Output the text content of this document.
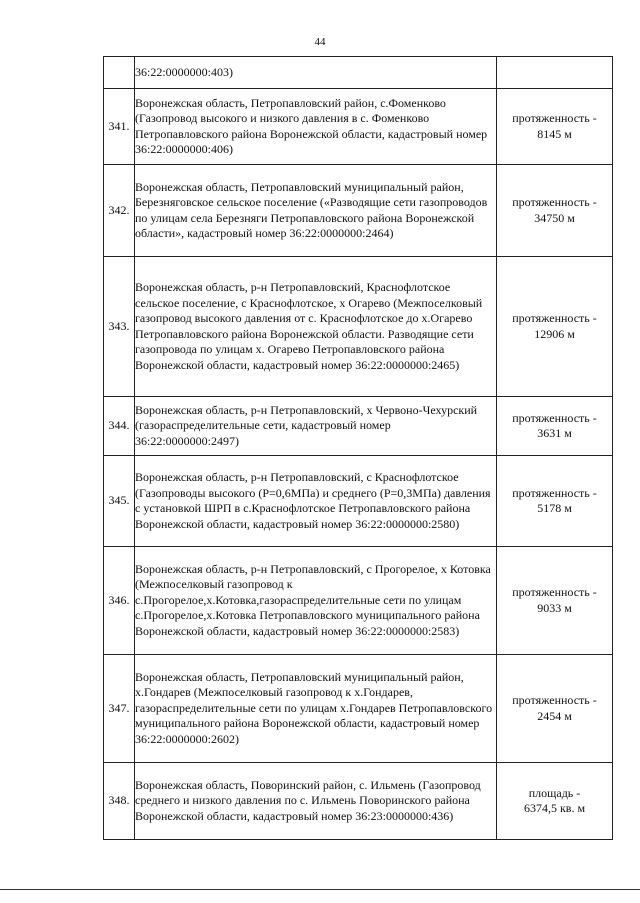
44
	36:22:0000000:403)	

341.	Воронежская область, Петропавловский район, с.Фоменково (Газопровод высокого и низкого давления в с. Фоменково Петропавловского района Воронежской области, кадастровый номер 36:22:0000000:406)	протяженность -
8145 м

342.	Воронежская область, Петропавловский муниципальный район, Березняговское сельское поселение («Разводящие сети газопроводов по улицам села Березняги Петропавловского района Воронежской области», кадастровый номер 36:22:0000000:2464)	протяженность -
34750 м

343.	Воронежская область, р-н Петропавловский, Краснофлотское сельское поселение, с Краснофлотское, х Огарево (Межпоселковый газопровод высокого давления от с. Краснофлотское до х.Огарево Петропавловского района Воронежской области. Разводящие сети газопровода по улицам х. Огарево Петропавловского района Воронежской области, кадастровый номер 36:22:0000000:2465)	протяженность -
12906 м

344.	Воронежская область, р-н Петропавловский, х Червоно-Чехурский (газораспределительные сети, кадастровый номер 36:22:0000000:2497)	протяженность -
3631 м

345.	Воронежская область, р-н Петропавловский, с Краснофлотское (Газопроводы высокого (Р=0,6МПа) и среднего (Р=0,3МПа) давления с установкой ШРП в с.Краснофлотское Петропавловского района Воронежской области, кадастровый номер 36:22:0000000:2580)	протяженность -
5178 м

346.	Воронежская область, р-н Петропавловский, с Прогорелое, х Котовка (Межпоселковый газопровод к с.Прогорелое,х.Котовка,газораспределительные сети по улицам с.Прогорелое,х.Котовка Петропавловского муниципального района Воронежской области, кадастровый номер 36:22:0000000:2583)	протяженность -
9033 м

347.	Воронежская область, Петропавловский муниципальный район, х.Гондарев (Межпоселковый газопровод к х.Гондарев, газораспределительные сети по улицам х.Гондарев Петропавловского муниципального района Воронежской области, кадастровый номер 36:22:0000000:2602)	протяженность -
2454 м

348.	Воронежская область, Поворинский район, с. Ильмень (Газопровод среднего и низкого давления по с. Ильмень Поворинского района Воронежской области, кадастровый номер 36:23:0000000:436)	площадь -
6374,5 кв. м
